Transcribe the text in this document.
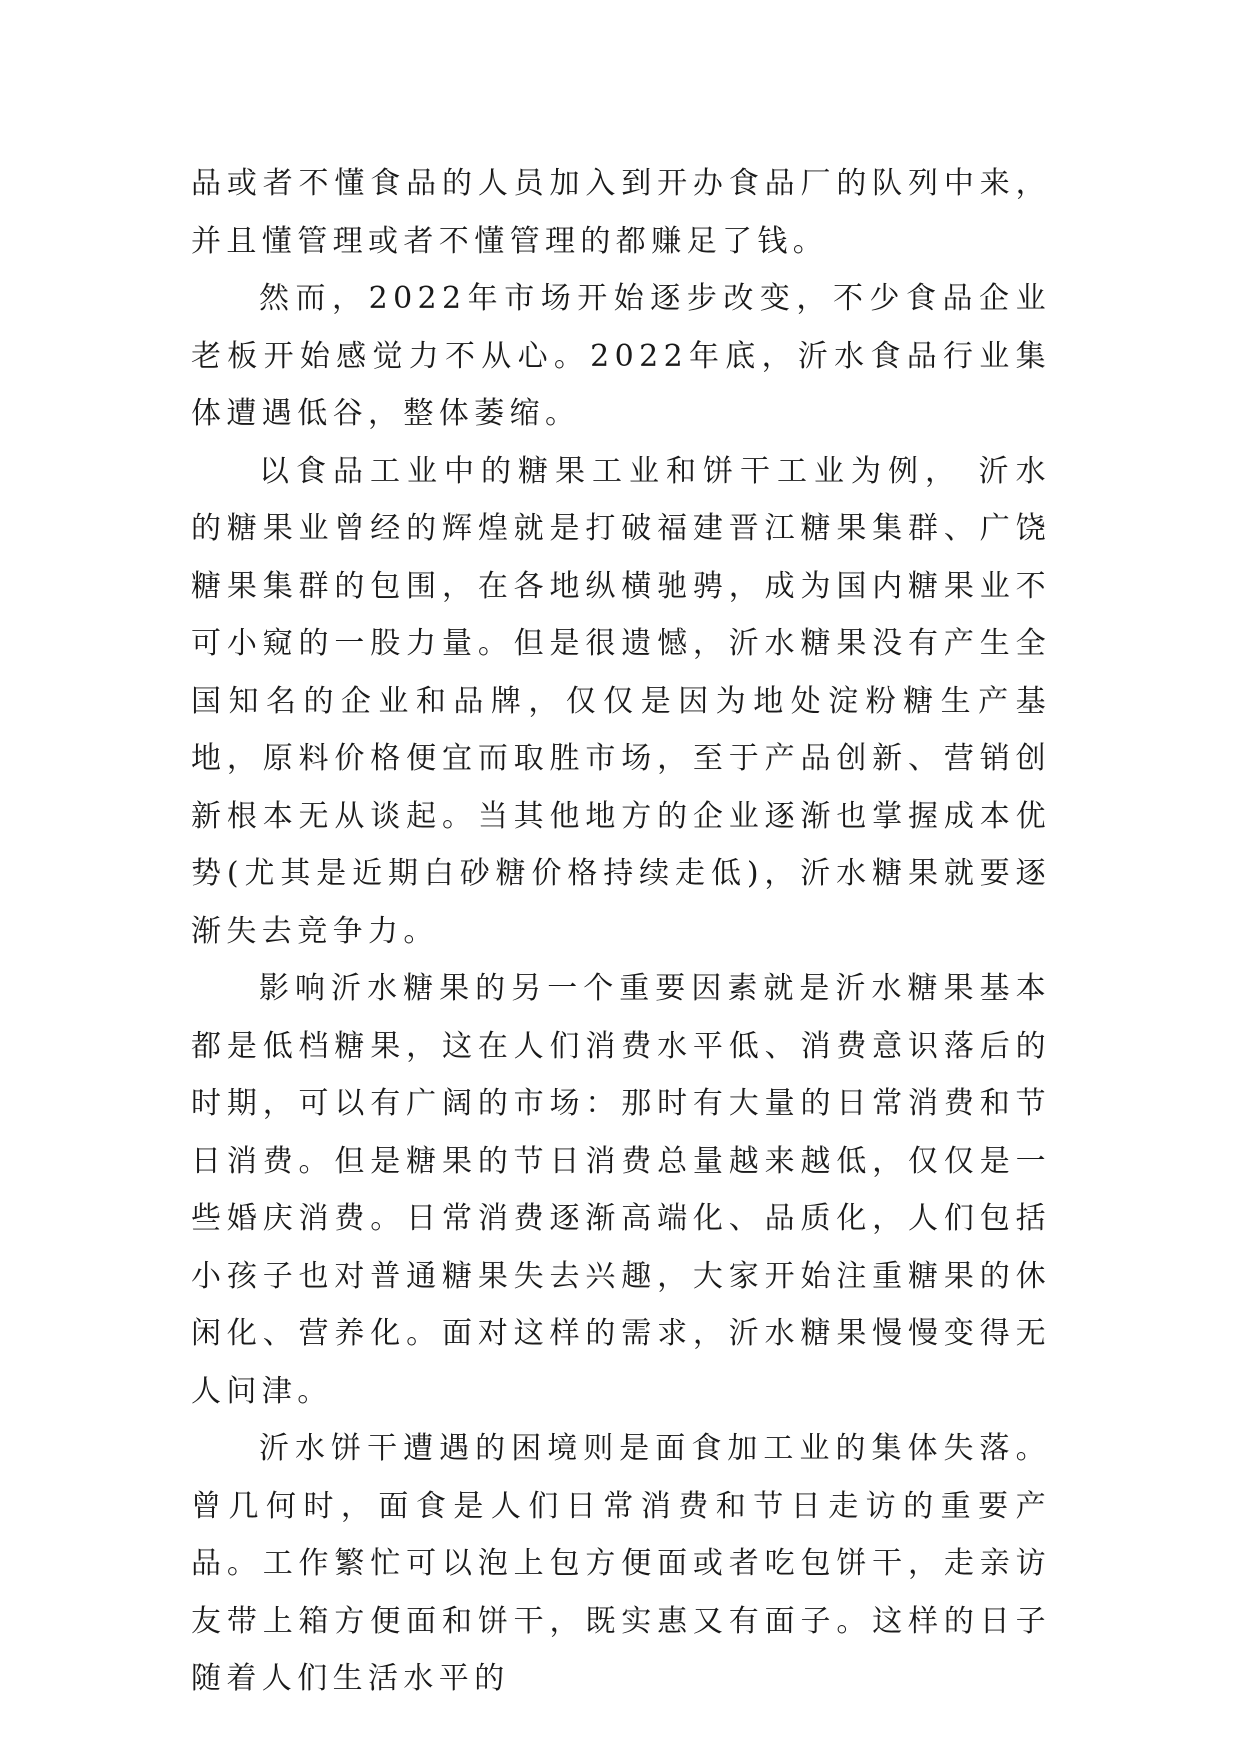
品或者不懂食品的人员加入到开办食品厂的队列中来，并且懂管理或者不懂管理的都赚足了钱。

然而，2022年市场开始逐步改变，不少食品企业老板开始感觉力不从心。2022年底，沂水食品行业集体遭遇低谷，整体萎缩。

以食品工业中的糖果工业和饼干工业为例， 沂水的糖果业曾经的辉煌就是打破福建晋江糖果集群、广饶糖果集群的包围，在各地纵横驰骋，成为国内糖果业不可小窥的一股力量。但是很遗憾，沂水糖果没有产生全国知名的企业和品牌，仅仅是因为地处淀粉糖生产基地，原料价格便宜而取胜市场，至于产品创新、营销创新根本无从谈起。当其他地方的企业逐渐也掌握成本优势(尤其是近期白砂糖价格持续走低)，沂水糖果就要逐渐失去竞争力。

影响沂水糖果的另一个重要因素就是沂水糖果基本都是低档糖果，这在人们消费水平低、消费意识落后的时期，可以有广阔的市场：那时有大量的日常消费和节日消费。但是糖果的节日消费总量越来越低，仅仅是一些婚庆消费。日常消费逐渐高端化、品质化，人们包括小孩子也对普通糖果失去兴趣，大家开始注重糖果的休闲化、营养化。面对这样的需求，沂水糖果慢慢变得无人问津。

沂水饼干遭遇的困境则是面食加工业的集体失落。曾几何时，面食是人们日常消费和节日走访的重要产品。工作繁忙可以泡上包方便面或者吃包饼干，走亲访友带上箱方便面和饼干，既实惠又有面子。这样的日子随着人们生活水平的
